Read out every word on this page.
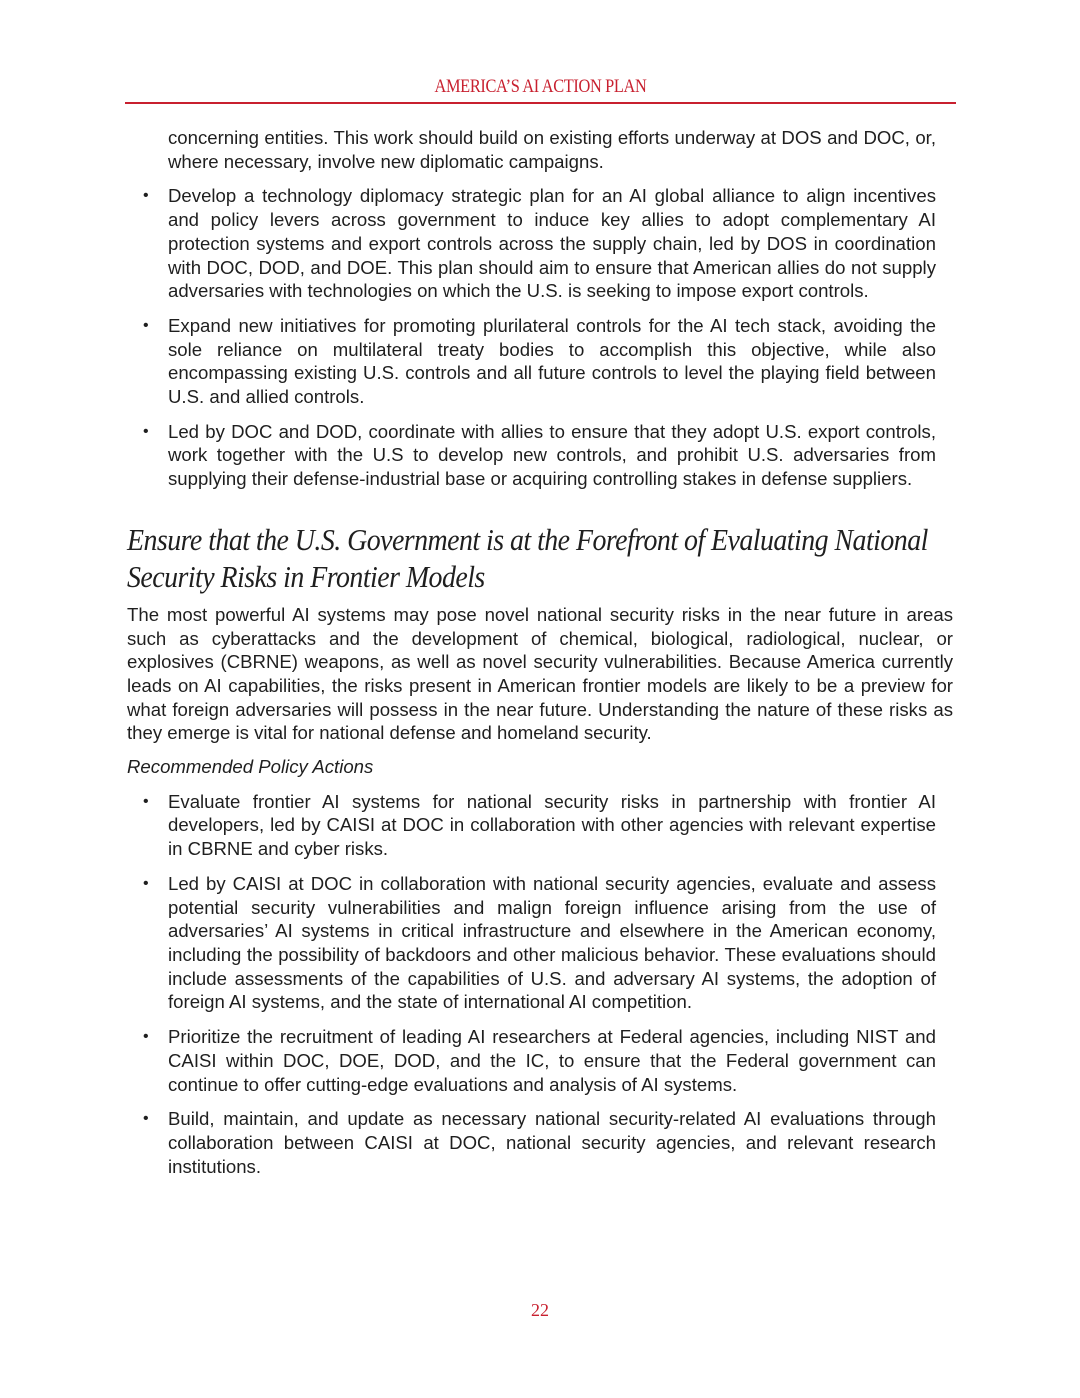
AMERICA’S AI ACTION PLAN

concerning entities. This work should build on existing efforts underway at DOS and DOC, or, where necessary, involve new diplomatic campaigns.

• Develop a technology diplomacy strategic plan for an AI global alliance to align incentives and policy levers across government to induce key allies to adopt complementary AI protection systems and export controls across the supply chain, led by DOS in coordination with DOC, DOD, and DOE. This plan should aim to ensure that American allies do not supply adversaries with technologies on which the U.S. is seeking to impose export controls.
• Expand new initiatives for promoting plurilateral controls for the AI tech stack, avoiding the sole reliance on multilateral treaty bodies to accomplish this objective, while also encompassing existing U.S. controls and all future controls to level the playing field between U.S. and allied controls.
• Led by DOC and DOD, coordinate with allies to ensure that they adopt U.S. export controls, work together with the U.S to develop new controls, and prohibit U.S. adversaries from supplying their defense-industrial base or acquiring controlling stakes in defense suppliers.
Ensure that the U.S. Government is at the Forefront of Evaluating National
Security Risks in Frontier Models

The most powerful AI systems may pose novel national security risks in the near future in areas such as cyberattacks and the development of chemical, biological, radiological, nuclear, or explosives (CBRNE) weapons, as well as novel security vulnerabilities. Because America currently leads on AI capabilities, the risks present in American frontier models are likely to be a preview for what foreign adversaries will possess in the near future. Understanding the nature of these risks as they emerge is vital for national defense and homeland security.

Recommended Policy Actions

• Evaluate frontier AI systems for national security risks in partnership with frontier AI developers, led by CAISI at DOC in collaboration with other agencies with relevant expertise in CBRNE and cyber risks.
• Led by CAISI at DOC in collaboration with national security agencies, evaluate and assess potential security vulnerabilities and malign foreign influence arising from the use of adversaries’ AI systems in critical infrastructure and elsewhere in the American economy, including the possibility of backdoors and other malicious behavior. These evaluations should include assessments of the capabilities of U.S. and adversary AI systems, the adoption of foreign AI systems, and the state of international AI competition.
• Prioritize the recruitment of leading AI researchers at Federal agencies, including NIST and CAISI within DOC, DOE, DOD, and the IC, to ensure that the Federal government can continue to offer cutting-edge evaluations and analysis of AI systems.
• Build, maintain, and update as necessary national security-related AI evaluations through collaboration between CAISI at DOC, national security agencies, and relevant research institutions.
22
